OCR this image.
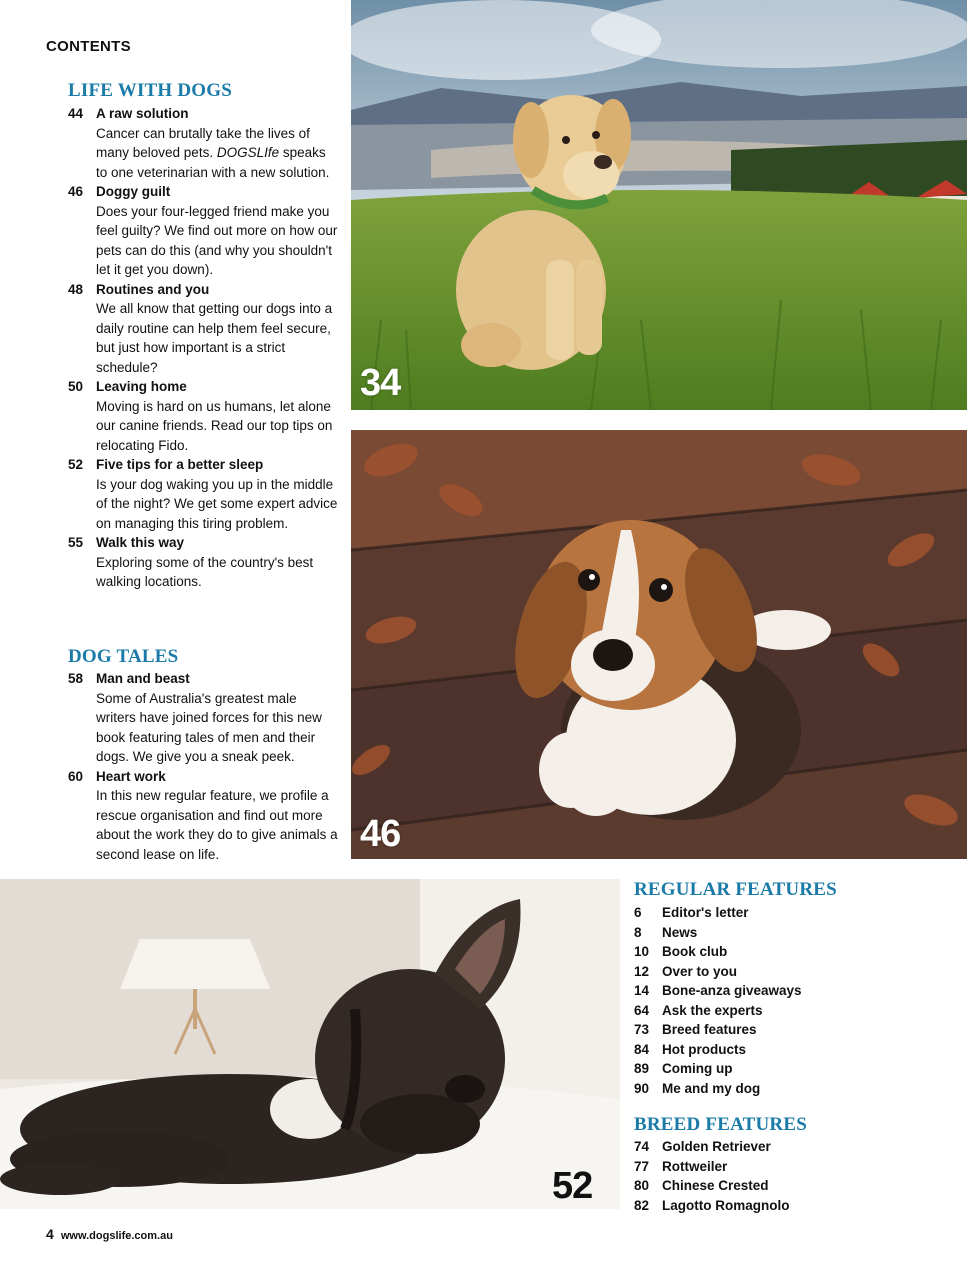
CONTENTS
LIFE WITH DOGS
44 A raw solution
Cancer can brutally take the lives of many beloved pets. DOGSLIfe speaks to one veterinarian with a new solution.
46 Doggy guilt
Does your four-legged friend make you feel guilty? We find out more on how our pets can do this (and why you shouldn't let it get you down).
48 Routines and you
We all know that getting our dogs into a daily routine can help them feel secure, but just how important is a strict schedule?
50 Leaving home
Moving is hard on us humans, let alone our canine friends. Read our top tips on relocating Fido.
52 Five tips for a better sleep
Is your dog waking you up in the middle of the night? We get some expert advice on managing this tiring problem.
55 Walk this way
Exploring some of the country's best walking locations.
DOG TALES
58 Man and beast
Some of Australia's greatest male writers have joined forces for this new book featuring tales of men and their dogs. We give you a sneak peek.
60 Heart work
In this new regular feature, we profile a rescue organisation and find out more about the work they do to give animals a second lease on life.
34
46
52
REGULAR FEATURES
6	Editor's letter
8	News
10 Book club
12 Over to you
14 Bone-anza giveaways
64 Ask the experts
73 Breed features
84 Hot products
89 Coming up
90 Me and my dog
BREED FEATURES
74 Golden Retriever
77 Rottweiler
80 Chinese Crested
82 Lagotto Romagnolo
4 www.dogslife.com.au
